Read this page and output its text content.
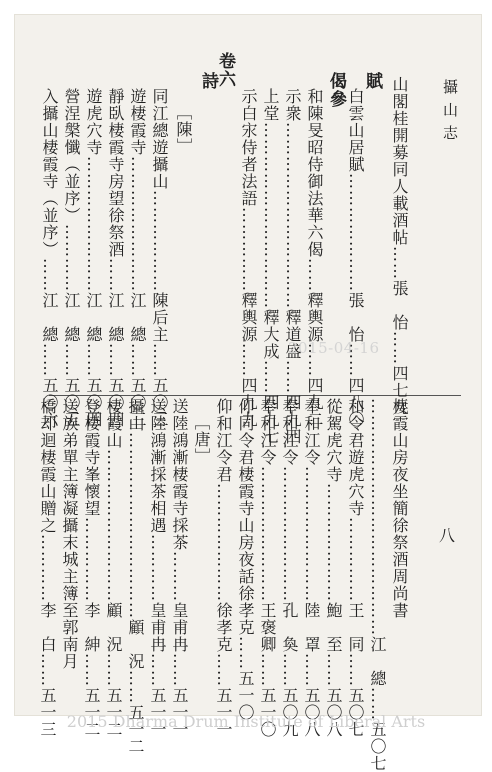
攝山志
八
山閣桂開募同人載酒帖……張　怡……四七九
賦
白雲山居賦…………………張　怡……四八〇
偈參
和陳旻昭侍御法華六偈……釋輿源……四九二
示衆……………………………釋道盛……四九四
上堂……………………………釋大成……四九七
示白㲾侍者法語……………釋輿源……四九九
卷六
詩
［陳］
同江總遊攝山………………陳后主……五〇三
遊棲霞寺……………………江　總……五〇三
靜臥棲霞寺房望徐祭酒……江　總……五〇四
遊虎穴寺……………………江　總……五〇四
營涅槃懺（並序）…………江　總……五〇五
入攝山棲霞寺（並序）……江　總……五〇六
棲霞山房夜坐簡徐祭酒周尚書
……………………………………江　總……五〇七
和令君遊虎穴寺……………王　同……五〇七
從駕虎穴寺…………………鮑　至……五〇八
奉和江令……………………陸　罩……五〇八
奉和江令……………………孔　奐……五〇九
奉和江令……………………王褒卿……五一〇
仰同令君棲霞寺山房夜話徐孝克……五一〇
仰和江令君…………………徐孝克……五一一
［唐］
送陸鴻漸棲霞寺採茶………皇甫冉……五一一
送陸鴻漸採茶相遇…………皇甫冉……五一一
攝山……………………………顧　況……五一二
棲霞山………………………顧　況……五一二
登棲霞寺峯懷望……………李　紳……五一二
送族弟單主簿凝攝末城主簿至郭南月
橋却迴棲霞山贈之…………李　白……五一三
2015-04-16
2015 Dharma Drum Institute of Liberal Arts
